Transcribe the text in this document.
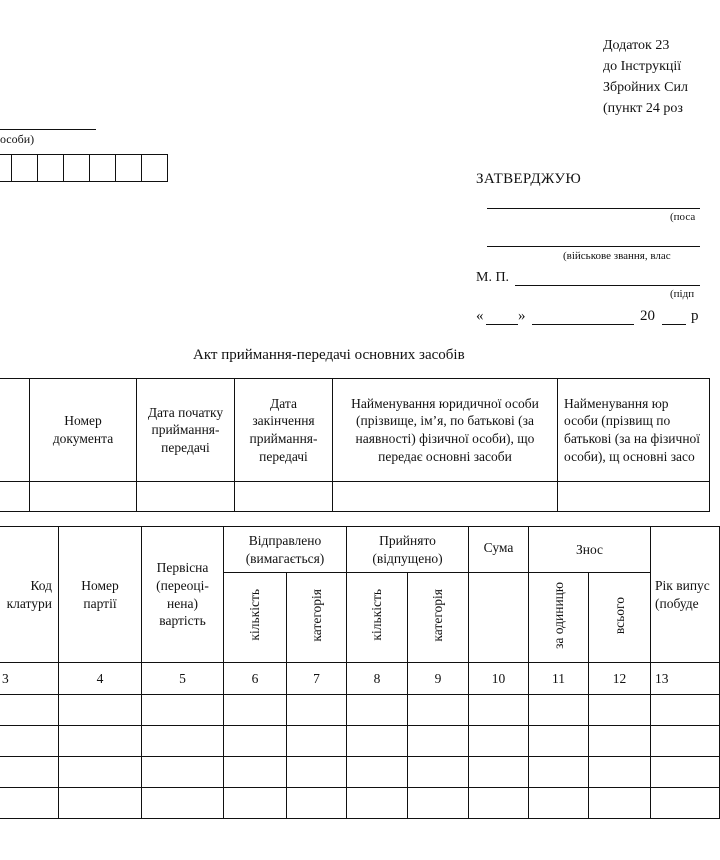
Додаток 23
до Інструкції
Збройних Сил
(пункт 24 роз
особи)
ЗАТВЕРДЖУЮ
(поса
(військове звання, влас
М. П.
(підп
« »	20 р
Акт приймання-передачі основних засобів
	Номер документа	Дата початку приймання-передачі	Дата закінчення приймання-передачі	Найменування юридичної особи (прізвище, ім’я, по батькові (за наявності) фізичної особи), що передає основні засоби	Найменування юр особи (прізвищ по батькові (за на фізичної особи), щ основні засо

Код клатури	Номер партії	Первісна (переоці-нена) вартість	Відправлено (вимагається)		Прийнято (відпущено)		Сума	Знос		Рік випус (побуде
			кількість	категорія	кількість	категорія		за одиницю	всього	
3	4	5	6	7	8	9	10	11	12	13
